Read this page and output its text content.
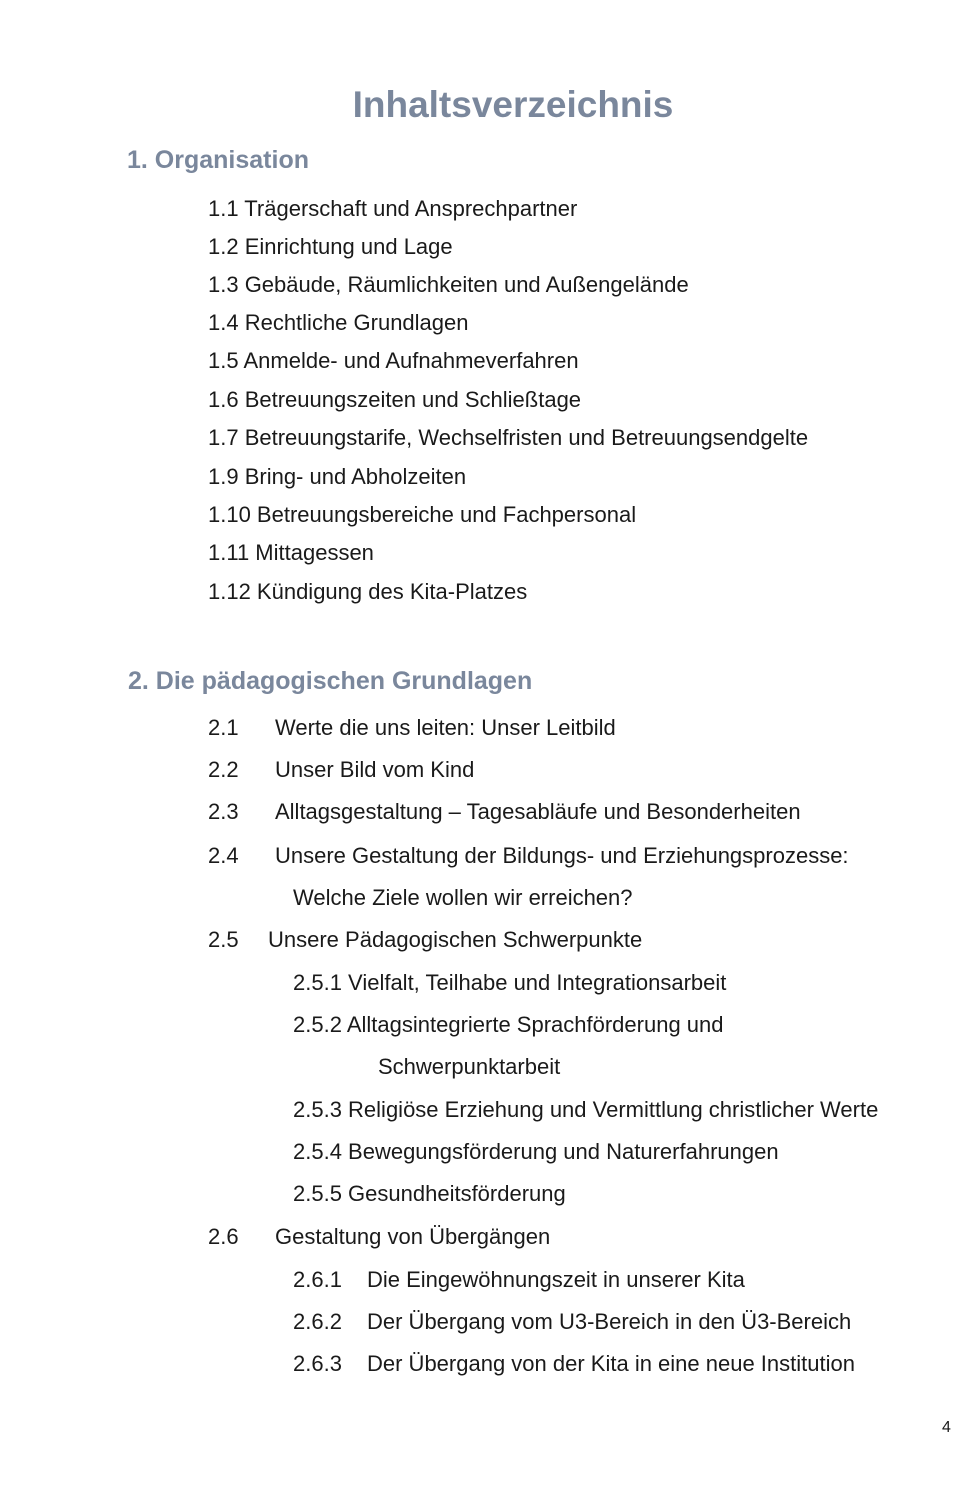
Inhaltsverzeichnis
1. Organisation
1.1 Trägerschaft und Ansprechpartner
1.2 Einrichtung und Lage
1.3 Gebäude, Räumlichkeiten und Außengelände
1.4 Rechtliche Grundlagen
1.5 Anmelde- und Aufnahmeverfahren
1.6 Betreuungszeiten und Schließtage
1.7 Betreuungstarife, Wechselfristen und Betreuungsendgelte
1.9 Bring- und Abholzeiten
1.10 Betreuungsbereiche und Fachpersonal
1.11 Mittagessen
1.12 Kündigung des Kita-Platzes
2. Die pädagogischen Grundlagen
2.1 Werte die uns leiten: Unser Leitbild
2.2 Unser Bild vom Kind
2.3 Alltagsgestaltung – Tagesabläufe und Besonderheiten
2.4 Unsere Gestaltung der Bildungs- und Erziehungsprozesse:
Welche Ziele wollen wir erreichen?
2.5 Unsere Pädagogischen Schwerpunkte
2.5.1 Vielfalt, Teilhabe und Integrationsarbeit
2.5.2 Alltagsintegrierte Sprachförderung und
Schwerpunktarbeit
2.5.3 Religiöse Erziehung und Vermittlung christlicher Werte
2.5.4 Bewegungsförderung und Naturerfahrungen
2.5.5 Gesundheitsförderung
2.6 Gestaltung von Übergängen
2.6.1 Die Eingewöhnungszeit in unserer Kita
2.6.2 Der Übergang vom U3-Bereich in den Ü3-Bereich
2.6.3 Der Übergang von der Kita in eine neue Institution
4
